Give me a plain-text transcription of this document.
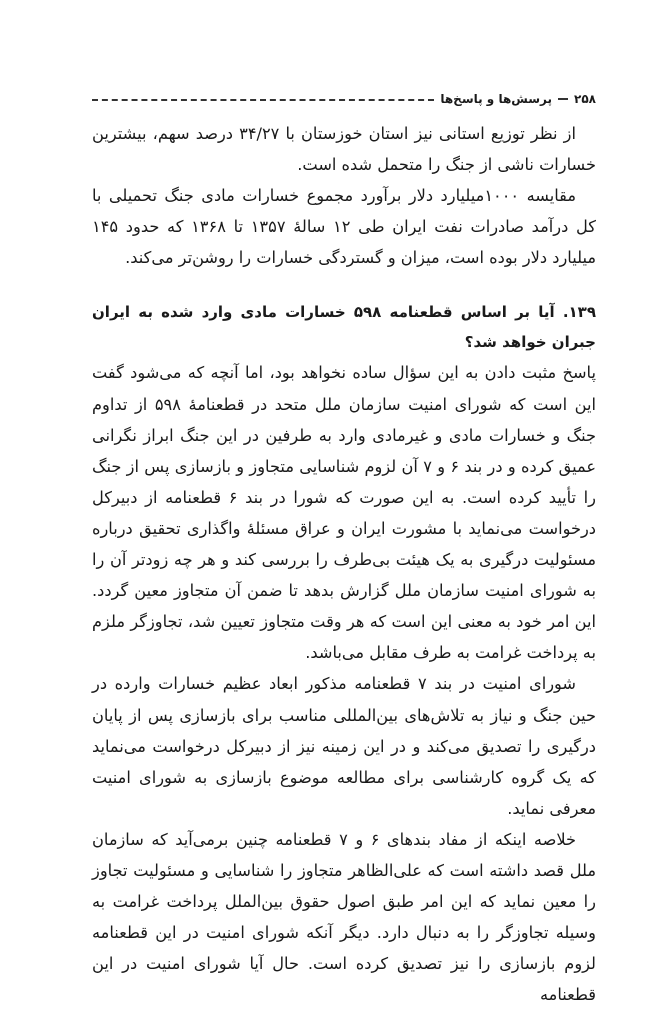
۲۵۸
پرسش‌ها و پاسخ‌ها

از نظر توزیع استانی نیز استان خوزستان با ۳۴/۲۷ درصد سهم، بیشترین خسارات ناشی از جنگ را متحمل شده است.

مقایسه ۱۰۰۰میلیارد دلار برآورد مجموع خسارات مادی جنگ تحمیلی با کل درآمد صادرات نفت ایران طی ۱۲ سالهٔ ۱۳۵۷ تا ۱۳۶۸ که حدود ۱۴۵ میلیارد دلار بوده است، میزان و گستردگی خسارات را روشن‌تر می‌کند.

۱۳۹. آیا بر اساس قطعنامه ۵۹۸ خسارات مادی وارد شده به ایران جبران خواهد شد؟

پاسخ مثبت دادن به این سؤال ساده نخواهد بود، اما آنچه که می‌شود گفت این است که شورای امنیت سازمان ملل متحد در قطعنامهٔ ۵۹۸ از تداوم جنگ و خسارات مادی و غیرمادی وارد به طرفین در این جنگ ابراز نگرانی عمیق کرده و در بند ۶ و ۷ آن لزوم شناسایی متجاوز و بازسازی پس از جنگ را تأیید کرده است. به این صورت که شورا در بند ۶ قطعنامه از دبیرکل درخواست می‌نماید با مشورت ایران و عراق مسئلهٔ واگذاری تحقیق درباره مسئولیت درگیری به یک هیئت بی‌طرف را بررسی کند و هر چه زودتر آن را به شورای امنیت سازمان ملل گزارش بدهد تا ضمن آن متجاوز معین گردد. این امر خود به معنی این است که هر وقت متجاوز تعیین شد، تجاوزگر ملزم به پرداخت غرامت به طرف مقابل می‌باشد.

شورای امنیت در بند ۷ قطعنامه مذکور ابعاد عظیم خسارات وارده در حین جنگ و نیاز به تلاش‌های بین‌المللی مناسب برای بازسازی پس از پایان درگیری را تصدیق می‌کند و در این زمینه نیز از دبیرکل درخواست می‌نماید که یک گروه کارشناسی برای مطالعه موضوع بازسازی به شورای امنیت معرفی نماید.

خلاصه اینکه از مفاد بندهای ۶ و ۷ قطعنامه چنین برمی‌آید که سازمان ملل قصد داشته است که علی‌الظاهر متجاوز را شناسایی و مسئولیت تجاوز را معین نماید که این امر طبق اصول حقوق بین‌الملل پرداخت غرامت به وسیله تجاوزگر را به دنبال دارد. دیگر آنکه شورای امنیت در این قطعنامه لزوم بازسازی را نیز تصدیق کرده است. حال آیا شورای امنیت در این قطعنامه
